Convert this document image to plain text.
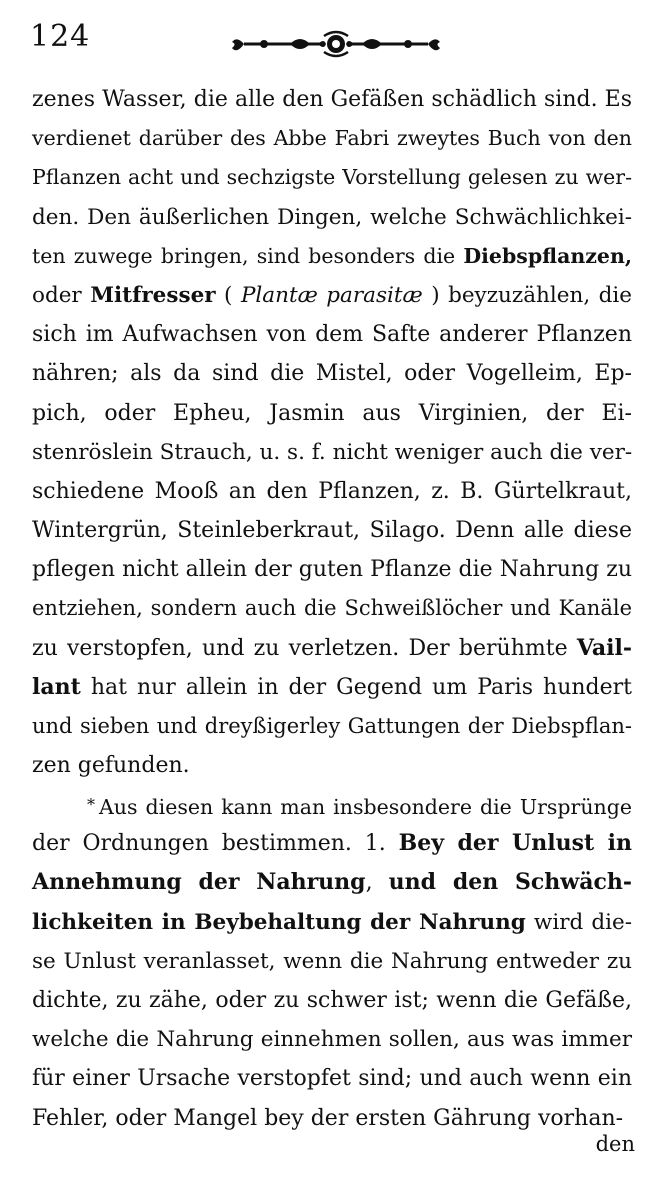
124
zenes Wasser, die alle den Gefäßen schädlich sind. Es
verdienet darüber des Abbe Fabri zweytes Buch von den
Pflanzen acht und sechzigste Vorstellung gelesen zu wer-
den. Den äußerlichen Dingen, welche Schwächlichkei-
ten zuwege bringen, sind besonders die Diebspflanzen,
oder Mitfresser ( Plantæ parasitæ ) beyzuzählen, die
sich im Aufwachsen von dem Safte anderer Pflanzen
nähren; als da sind die Mistel, oder Vogelleim, Ep-
pich, oder Epheu, Jasmin aus Virginien, der Ei-
stenröslein Strauch, u. s. f. nicht weniger auch die ver-
schiedene Mooß an den Pflanzen, z. B. Gürtelkraut,
Wintergrün, Steinleberkraut, Silago. Denn alle diese
pflegen nicht allein der guten Pflanze die Nahrung zu
entziehen, sondern auch die Schweißlöcher und Kanäle
zu verstopfen, und zu verletzen. Der berühmte Vail-
lant hat nur allein in der Gegend um Paris hundert
und sieben und dreyßigerley Gattungen der Diebspflan-
zen gefunden.
* Aus diesen kann man insbesondere die Ursprünge
der Ordnungen bestimmen. 1. Bey der Unlust in
Annehmung der Nahrung, und den Schwäch-
lichkeiten in Beybehaltung der Nahrung wird die-
se Unlust veranlasset, wenn die Nahrung entweder zu
dichte, zu zähe, oder zu schwer ist; wenn die Gefäße,
welche die Nahrung einnehmen sollen, aus was immer
für einer Ursache verstopfet sind; und auch wenn ein
Fehler, oder Mangel bey der ersten Gährung vorhan-
den
